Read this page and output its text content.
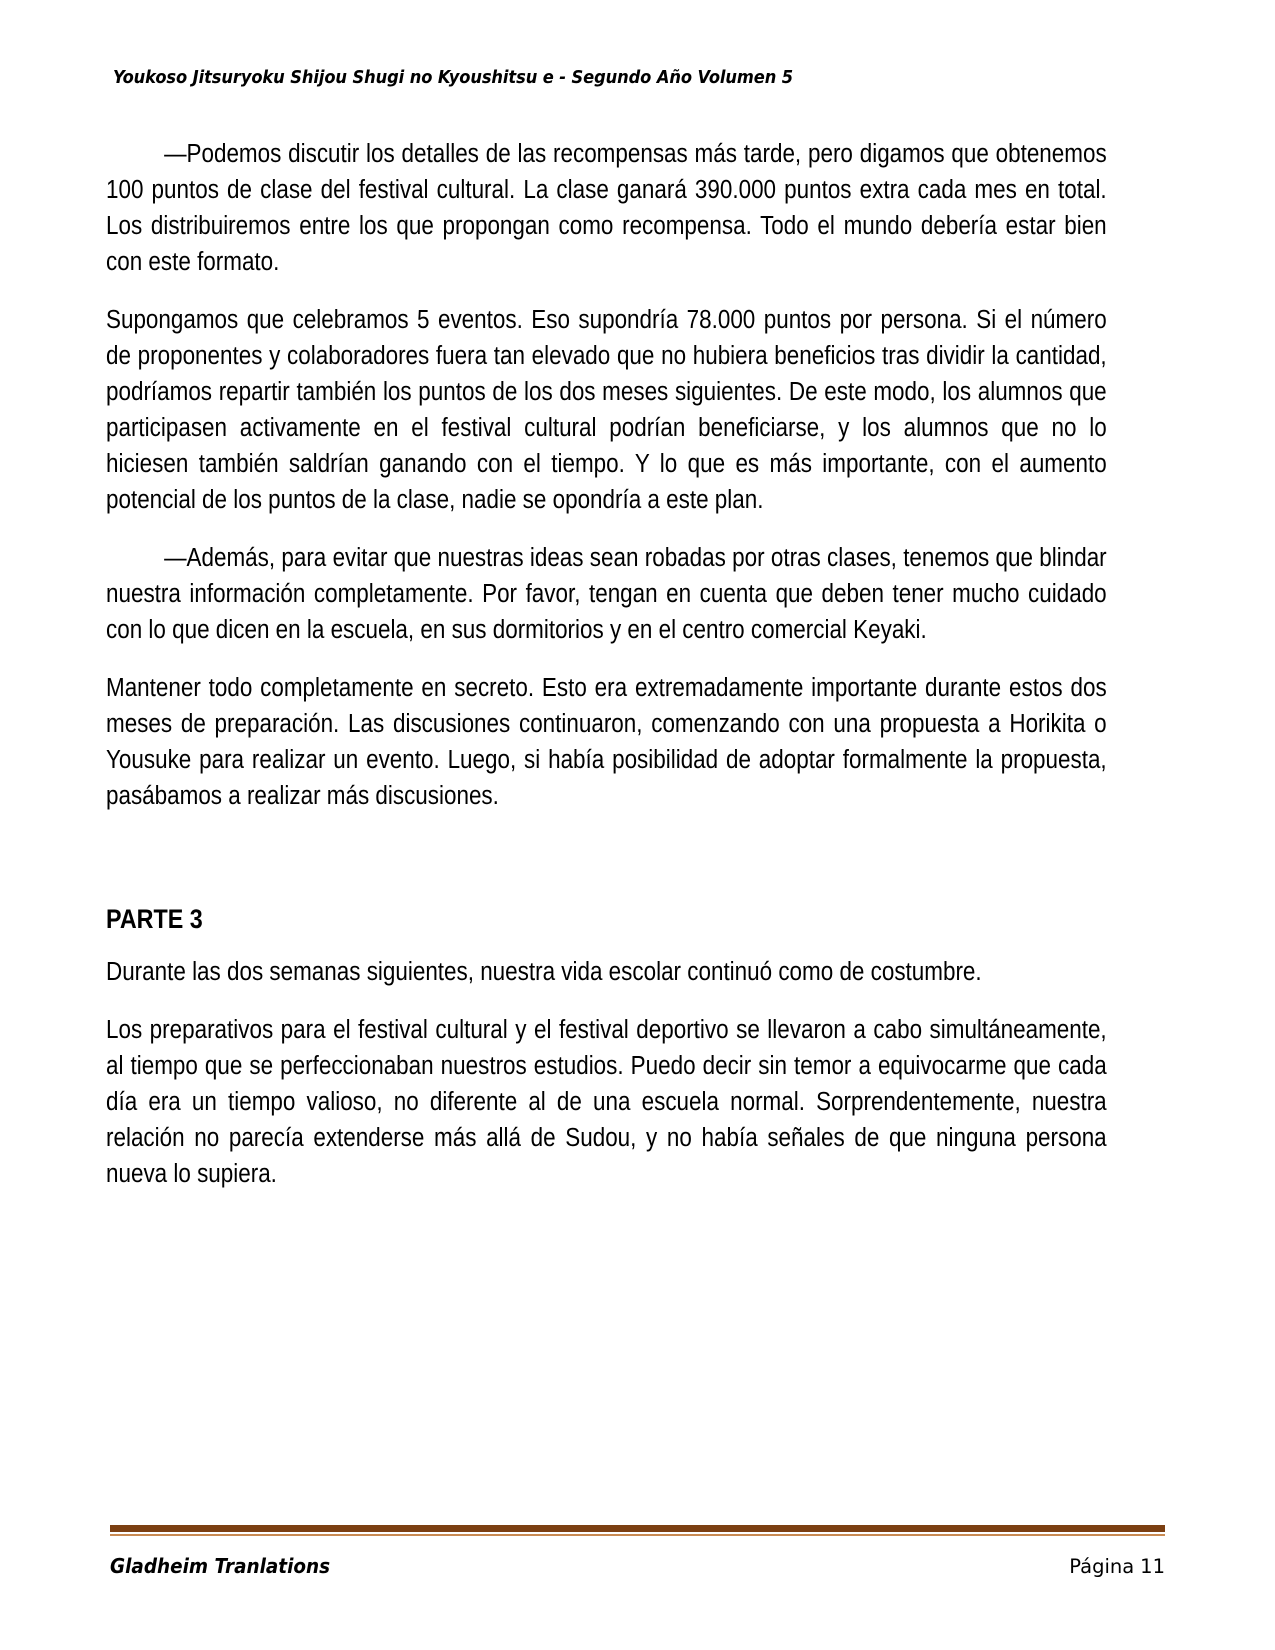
Youkoso Jitsuryoku Shijou Shugi no Kyoushitsu e - Segundo Año Volumen 5

—Podemos discutir los detalles de las recompensas más tarde, pero digamos que obtenemos 100 puntos de clase del festival cultural. La clase ganará 390.000 puntos extra cada mes en total. Los distribuiremos entre los que propongan como recompensa. Todo el mundo debería estar bien con este formato.

Supongamos que celebramos 5 eventos. Eso supondría 78.000 puntos por persona. Si el número de proponentes y colaboradores fuera tan elevado que no hubiera beneficios tras dividir la cantidad, podríamos repartir también los puntos de los dos meses siguientes. De este modo, los alumnos que participasen activamente en el festival cultural podrían beneficiarse, y los alumnos que no lo hiciesen también saldrían ganando con el tiempo. Y lo que es más importante, con el aumento potencial de los puntos de la clase, nadie se opondría a este plan.

—Además, para evitar que nuestras ideas sean robadas por otras clases, tenemos que blindar nuestra información completamente. Por favor, tengan en cuenta que deben tener mucho cuidado con lo que dicen en la escuela, en sus dormitorios y en el centro comercial Keyaki.

Mantener todo completamente en secreto. Esto era extremadamente importante durante estos dos meses de preparación. Las discusiones continuaron, comenzando con una propuesta a Horikita o Yousuke para realizar un evento. Luego, si había posibilidad de adoptar formalmente la propuesta, pasábamos a realizar más discusiones.

PARTE 3

Durante las dos semanas siguientes, nuestra vida escolar continuó como de costumbre.

Los preparativos para el festival cultural y el festival deportivo se llevaron a cabo simultáneamente, al tiempo que se perfeccionaban nuestros estudios. Puedo decir sin temor a equivocarme que cada día era un tiempo valioso, no diferente al de una escuela normal. Sorprendentemente, nuestra relación no parecía extenderse más allá de Sudou, y no había señales de que ninguna persona nueva lo supiera.

Gladheim Tranlations	Página 11
